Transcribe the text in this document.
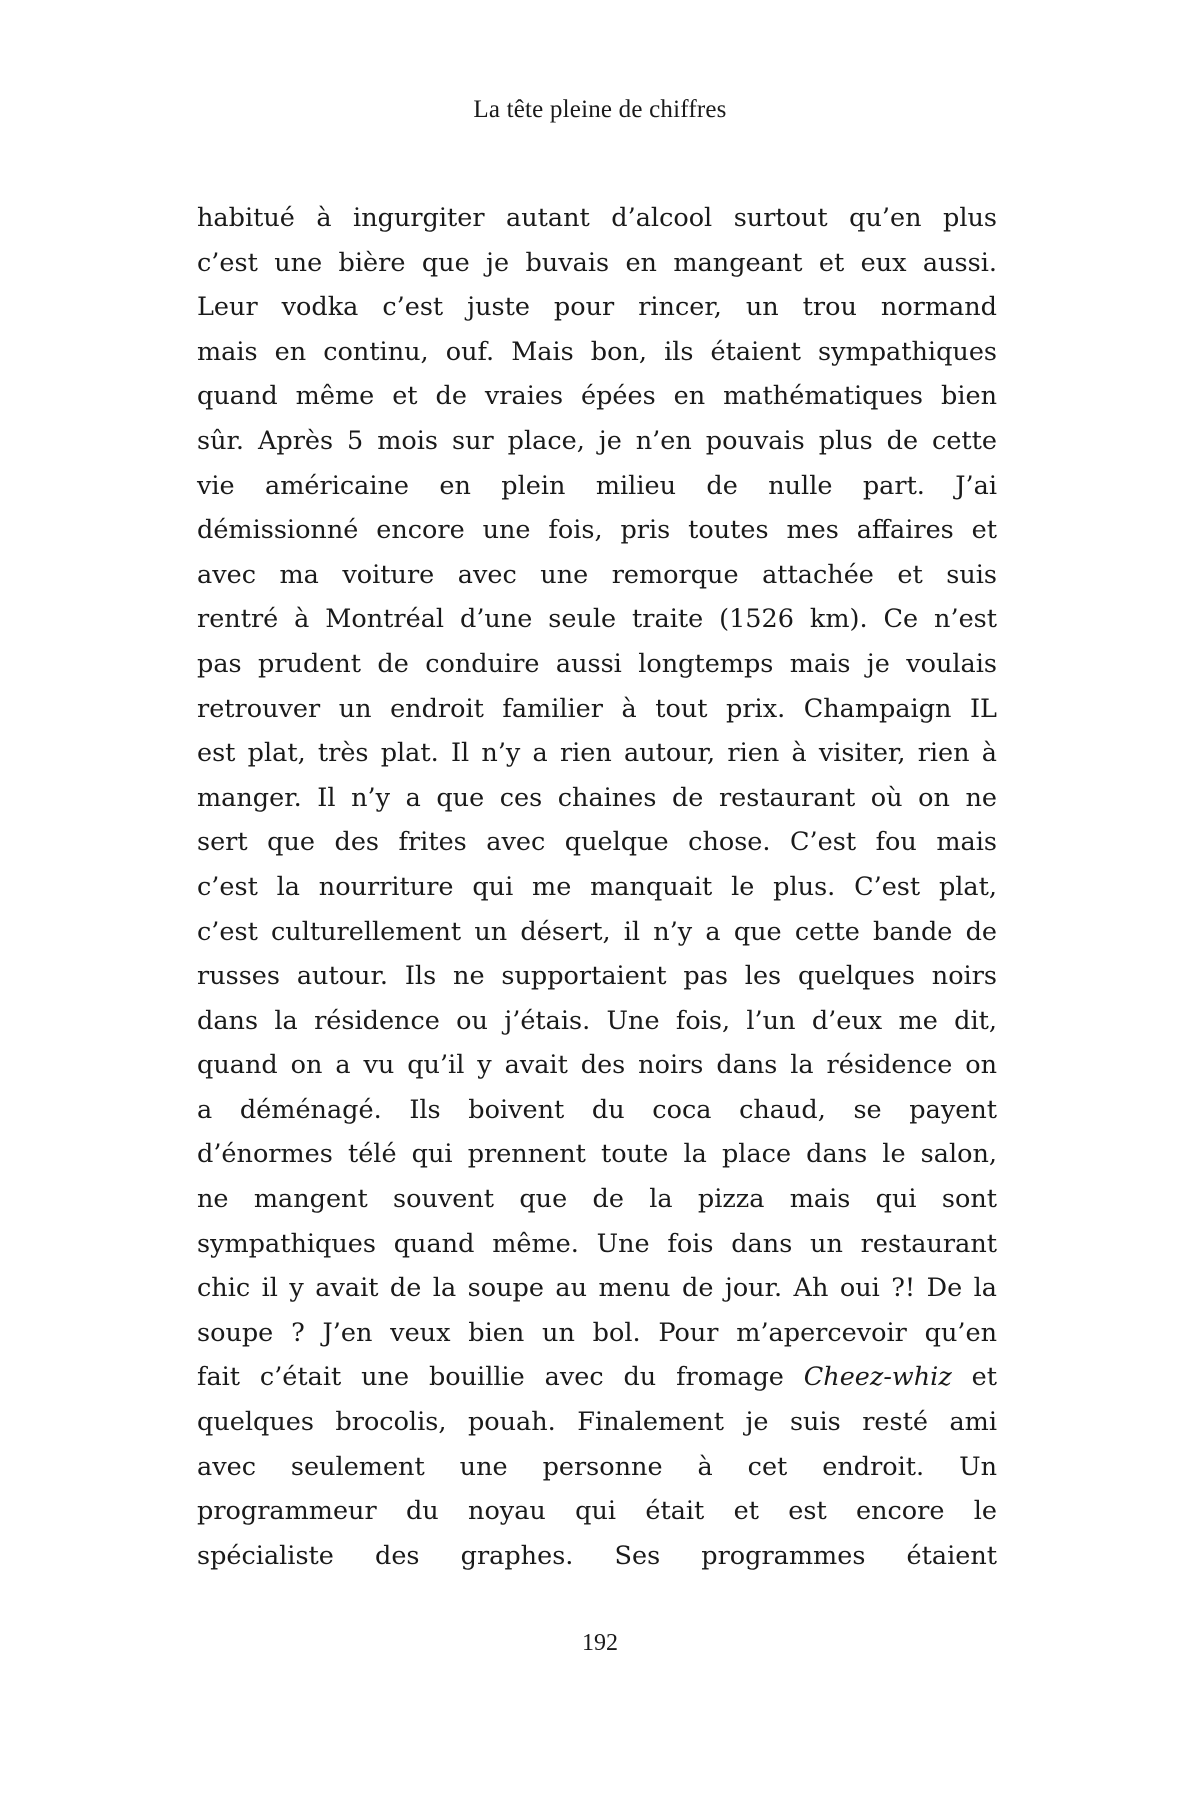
La tête pleine de chiffres
habitué à ingurgiter autant d’alcool surtout qu’en plus
c’est une bière que je buvais en mangeant et eux aussi.
Leur vodka c’est juste pour rincer, un trou normand
mais en continu, ouf. Mais bon, ils étaient sympathiques
quand même et de vraies épées en mathématiques bien
sûr. Après 5 mois sur place, je n’en pouvais plus de cette
vie américaine en plein milieu de nulle part. J’ai
démissionné encore une fois, pris toutes mes affaires et
avec ma voiture avec une remorque attachée et suis
rentré à Montréal d’une seule traite (1526 km). Ce n’est
pas prudent de conduire aussi longtemps mais je voulais
retrouver un endroit familier à tout prix. Champaign IL
est plat, très plat. Il n’y a rien autour, rien à visiter, rien à
manger. Il n’y a que ces chaines de restaurant où on ne
sert que des frites avec quelque chose. C’est fou mais
c’est la nourriture qui me manquait le plus. C’est plat,
c’est culturellement un désert, il n’y a que cette bande de
russes autour. Ils ne supportaient pas les quelques noirs
dans la résidence ou j’étais. Une fois, l’un d’eux me dit,
quand on a vu qu’il y avait des noirs dans la résidence on
a déménagé. Ils boivent du coca chaud, se payent
d’énormes télé qui prennent toute la place dans le salon,
ne mangent souvent que de la pizza mais qui sont
sympathiques quand même. Une fois dans un restaurant
chic il y avait de la soupe au menu de jour. Ah oui ?! De la
soupe ? J’en veux bien un bol. Pour m’apercevoir qu’en
fait c’était une bouillie avec du fromage Cheez-whiz et
quelques brocolis, pouah. Finalement je suis resté ami
avec seulement une personne à cet endroit. Un
programmeur du noyau qui était et est encore le
spécialiste des graphes. Ses programmes étaient
192
